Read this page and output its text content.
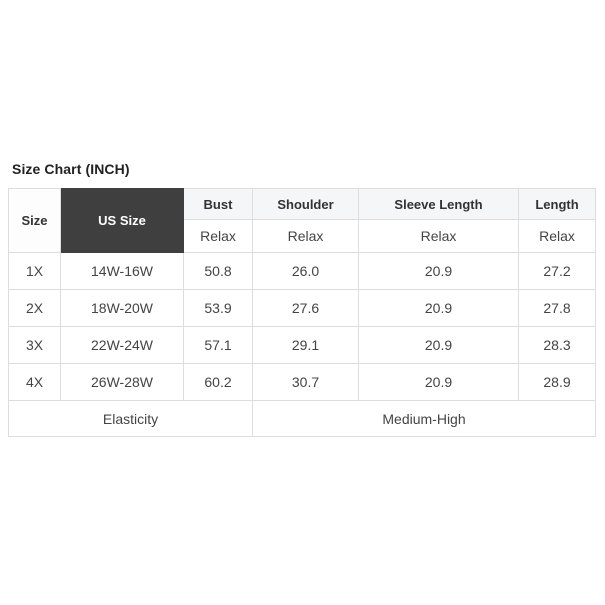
Size Chart (INCH)
Size	US Size	Bust	Shoulder	Sleeve Length	Length
		Relax	Relax	Relax	Relax
1X	14W-16W	50.8	26.0	20.9	27.2
2X	18W-20W	53.9	27.6	20.9	27.8
3X	22W-24W	57.1	29.1	20.9	28.3
4X	26W-28W	60.2	30.7	20.9	28.9
Elasticity			Medium-High		
